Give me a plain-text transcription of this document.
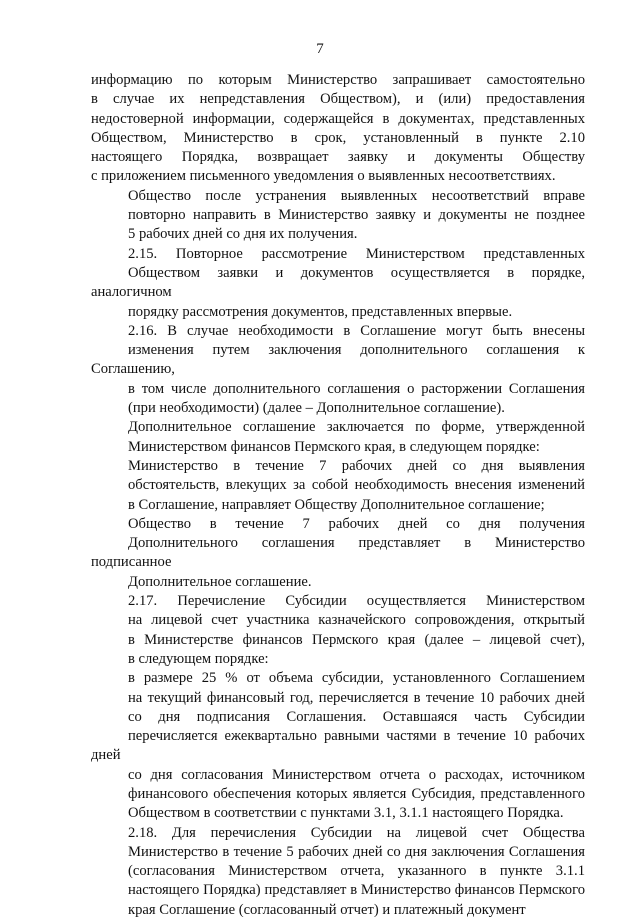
7

информацию по которым Министерство запрашивает самостоятельно
в случае их непредставления Обществом), и (или) предоставления
недостоверной информации, содержащейся в документах, представленных
Обществом, Министерство в срок, установленный в пункте 2.10
настоящего Порядка, возвращает заявку и документы Обществу
с приложением письменного уведомления о выявленных несоответствиях.

Общество после устранения выявленных несоответствий вправе
повторно направить в Министерство заявку и документы не позднее
5 рабочих дней со дня их получения.

2.15. Повторное рассмотрение Министерством представленных
Обществом заявки и документов осуществляется в порядке, аналогичном
порядку рассмотрения документов, представленных впервые.

2.16. В случае необходимости в Соглашение могут быть внесены
изменения путем заключения дополнительного соглашения к Соглашению,
в том числе дополнительного соглашения о расторжении Соглашения
(при необходимости) (далее – Дополнительное соглашение).

Дополнительное соглашение заключается по форме, утвержденной
Министерством финансов Пермского края, в следующем порядке:

Министерство в течение 7 рабочих дней со дня выявления
обстоятельств, влекущих за собой необходимость внесения изменений
в Соглашение, направляет Обществу Дополнительное соглашение;

Общество в течение 7 рабочих дней со дня получения
Дополнительного соглашения представляет в Министерство подписанное
Дополнительное соглашение.

2.17. Перечисление Субсидии осуществляется Министерством
на лицевой счет участника казначейского сопровождения, открытый
в Министерстве финансов Пермского края (далее – лицевой счет),
в следующем порядке:

в размере 25 % от объема субсидии, установленного Соглашением
на текущий финансовый год, перечисляется в течение 10 рабочих дней
со дня подписания Соглашения. Оставшаяся часть Субсидии
перечисляется ежеквартально равными частями в течение 10 рабочих дней
со дня согласования Министерством отчета о расходах, источником
финансового обеспечения которых является Субсидия, представленного
Обществом в соответствии с пунктами 3.1, 3.1.1 настоящего Порядка.

2.18. Для перечисления Субсидии на лицевой счет Общества
Министерство в течение 5 рабочих дней со дня заключения Соглашения
(согласования Министерством отчета, указанного в пункте 3.1.1
настоящего Порядка) представляет в Министерство финансов Пермского
края Соглашение (согласованный отчет) и платежный документ
